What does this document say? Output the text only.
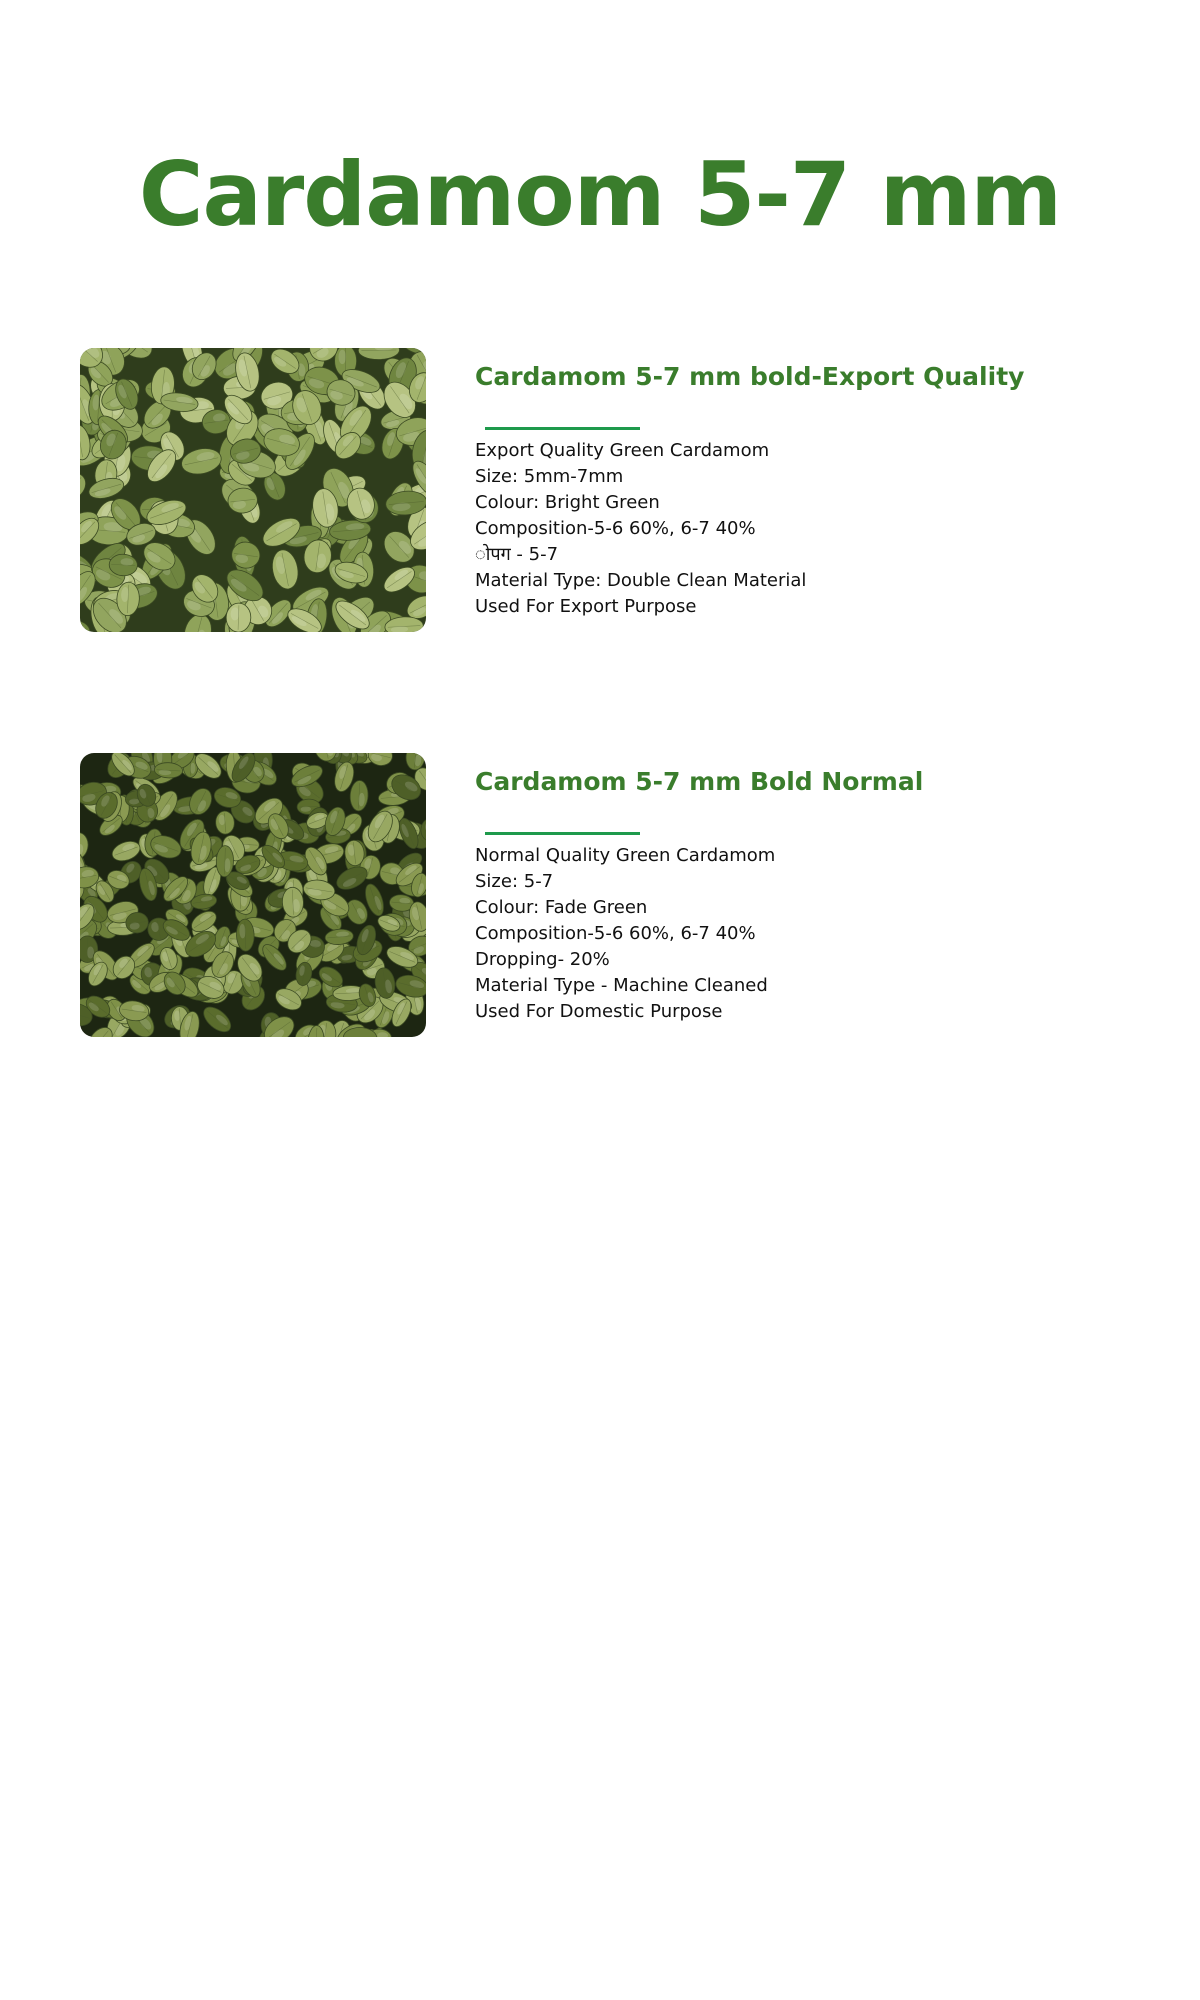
Cardamom 5-7 mm
Cardamom 5-7 mm bold-Export Quality
Export Quality Green Cardamom
Size: 5mm-7mm
Colour: Bright Green
Composition-5-6 60%, 6-7 40%
ोपग - 5-7
Material Type: Double Clean Material
Used For Export Purpose
Cardamom 5-7 mm Bold Normal
Normal Quality Green Cardamom
Size: 5-7
Colour: Fade Green
Composition-5-6 60%, 6-7 40%
Dropping- 20%
Material Type - Machine Cleaned
Used For Domestic Purpose
